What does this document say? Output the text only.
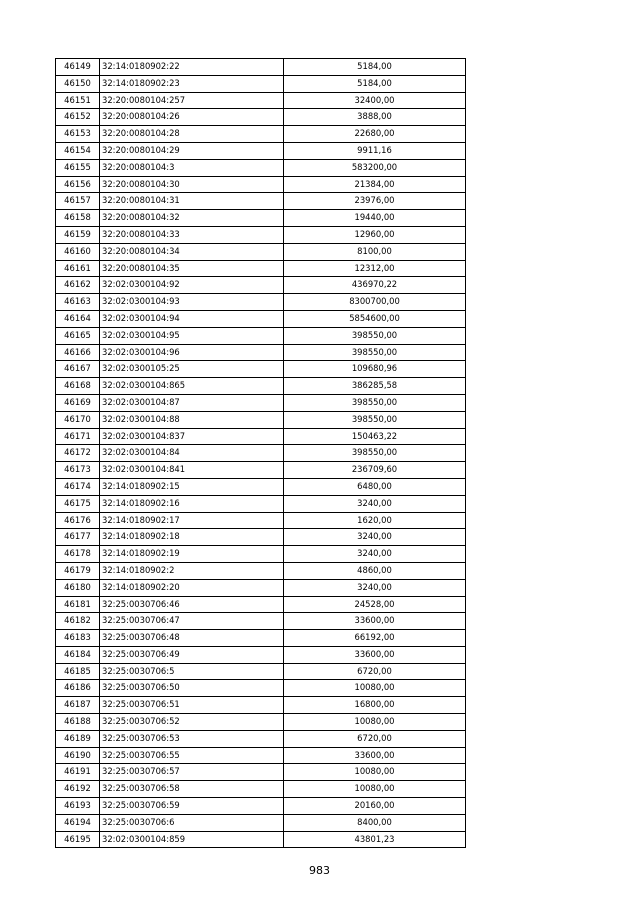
46149	32:14:0180902:22	5184,00
46150	32:14:0180902:23	5184,00
46151	32:20:0080104:257	32400,00
46152	32:20:0080104:26	3888,00
46153	32:20:0080104:28	22680,00
46154	32:20:0080104:29	9911,16
46155	32:20:0080104:3	583200,00
46156	32:20:0080104:30	21384,00
46157	32:20:0080104:31	23976,00
46158	32:20:0080104:32	19440,00
46159	32:20:0080104:33	12960,00
46160	32:20:0080104:34	8100,00
46161	32:20:0080104:35	12312,00
46162	32:02:0300104:92	436970,22
46163	32:02:0300104:93	8300700,00
46164	32:02:0300104:94	5854600,00
46165	32:02:0300104:95	398550,00
46166	32:02:0300104:96	398550,00
46167	32:02:0300105:25	109680,96
46168	32:02:0300104:865	386285,58
46169	32:02:0300104:87	398550,00
46170	32:02:0300104:88	398550,00
46171	32:02:0300104:837	150463,22
46172	32:02:0300104:84	398550,00
46173	32:02:0300104:841	236709,60
46174	32:14:0180902:15	6480,00
46175	32:14:0180902:16	3240,00
46176	32:14:0180902:17	1620,00
46177	32:14:0180902:18	3240,00
46178	32:14:0180902:19	3240,00
46179	32:14:0180902:2	4860,00
46180	32:14:0180902:20	3240,00
46181	32:25:0030706:46	24528,00
46182	32:25:0030706:47	33600,00
46183	32:25:0030706:48	66192,00
46184	32:25:0030706:49	33600,00
46185	32:25:0030706:5	6720,00
46186	32:25:0030706:50	10080,00
46187	32:25:0030706:51	16800,00
46188	32:25:0030706:52	10080,00
46189	32:25:0030706:53	6720,00
46190	32:25:0030706:55	33600,00
46191	32:25:0030706:57	10080,00
46192	32:25:0030706:58	10080,00
46193	32:25:0030706:59	20160,00
46194	32:25:0030706:6	8400,00
46195	32:02:0300104:859	43801,23
983
